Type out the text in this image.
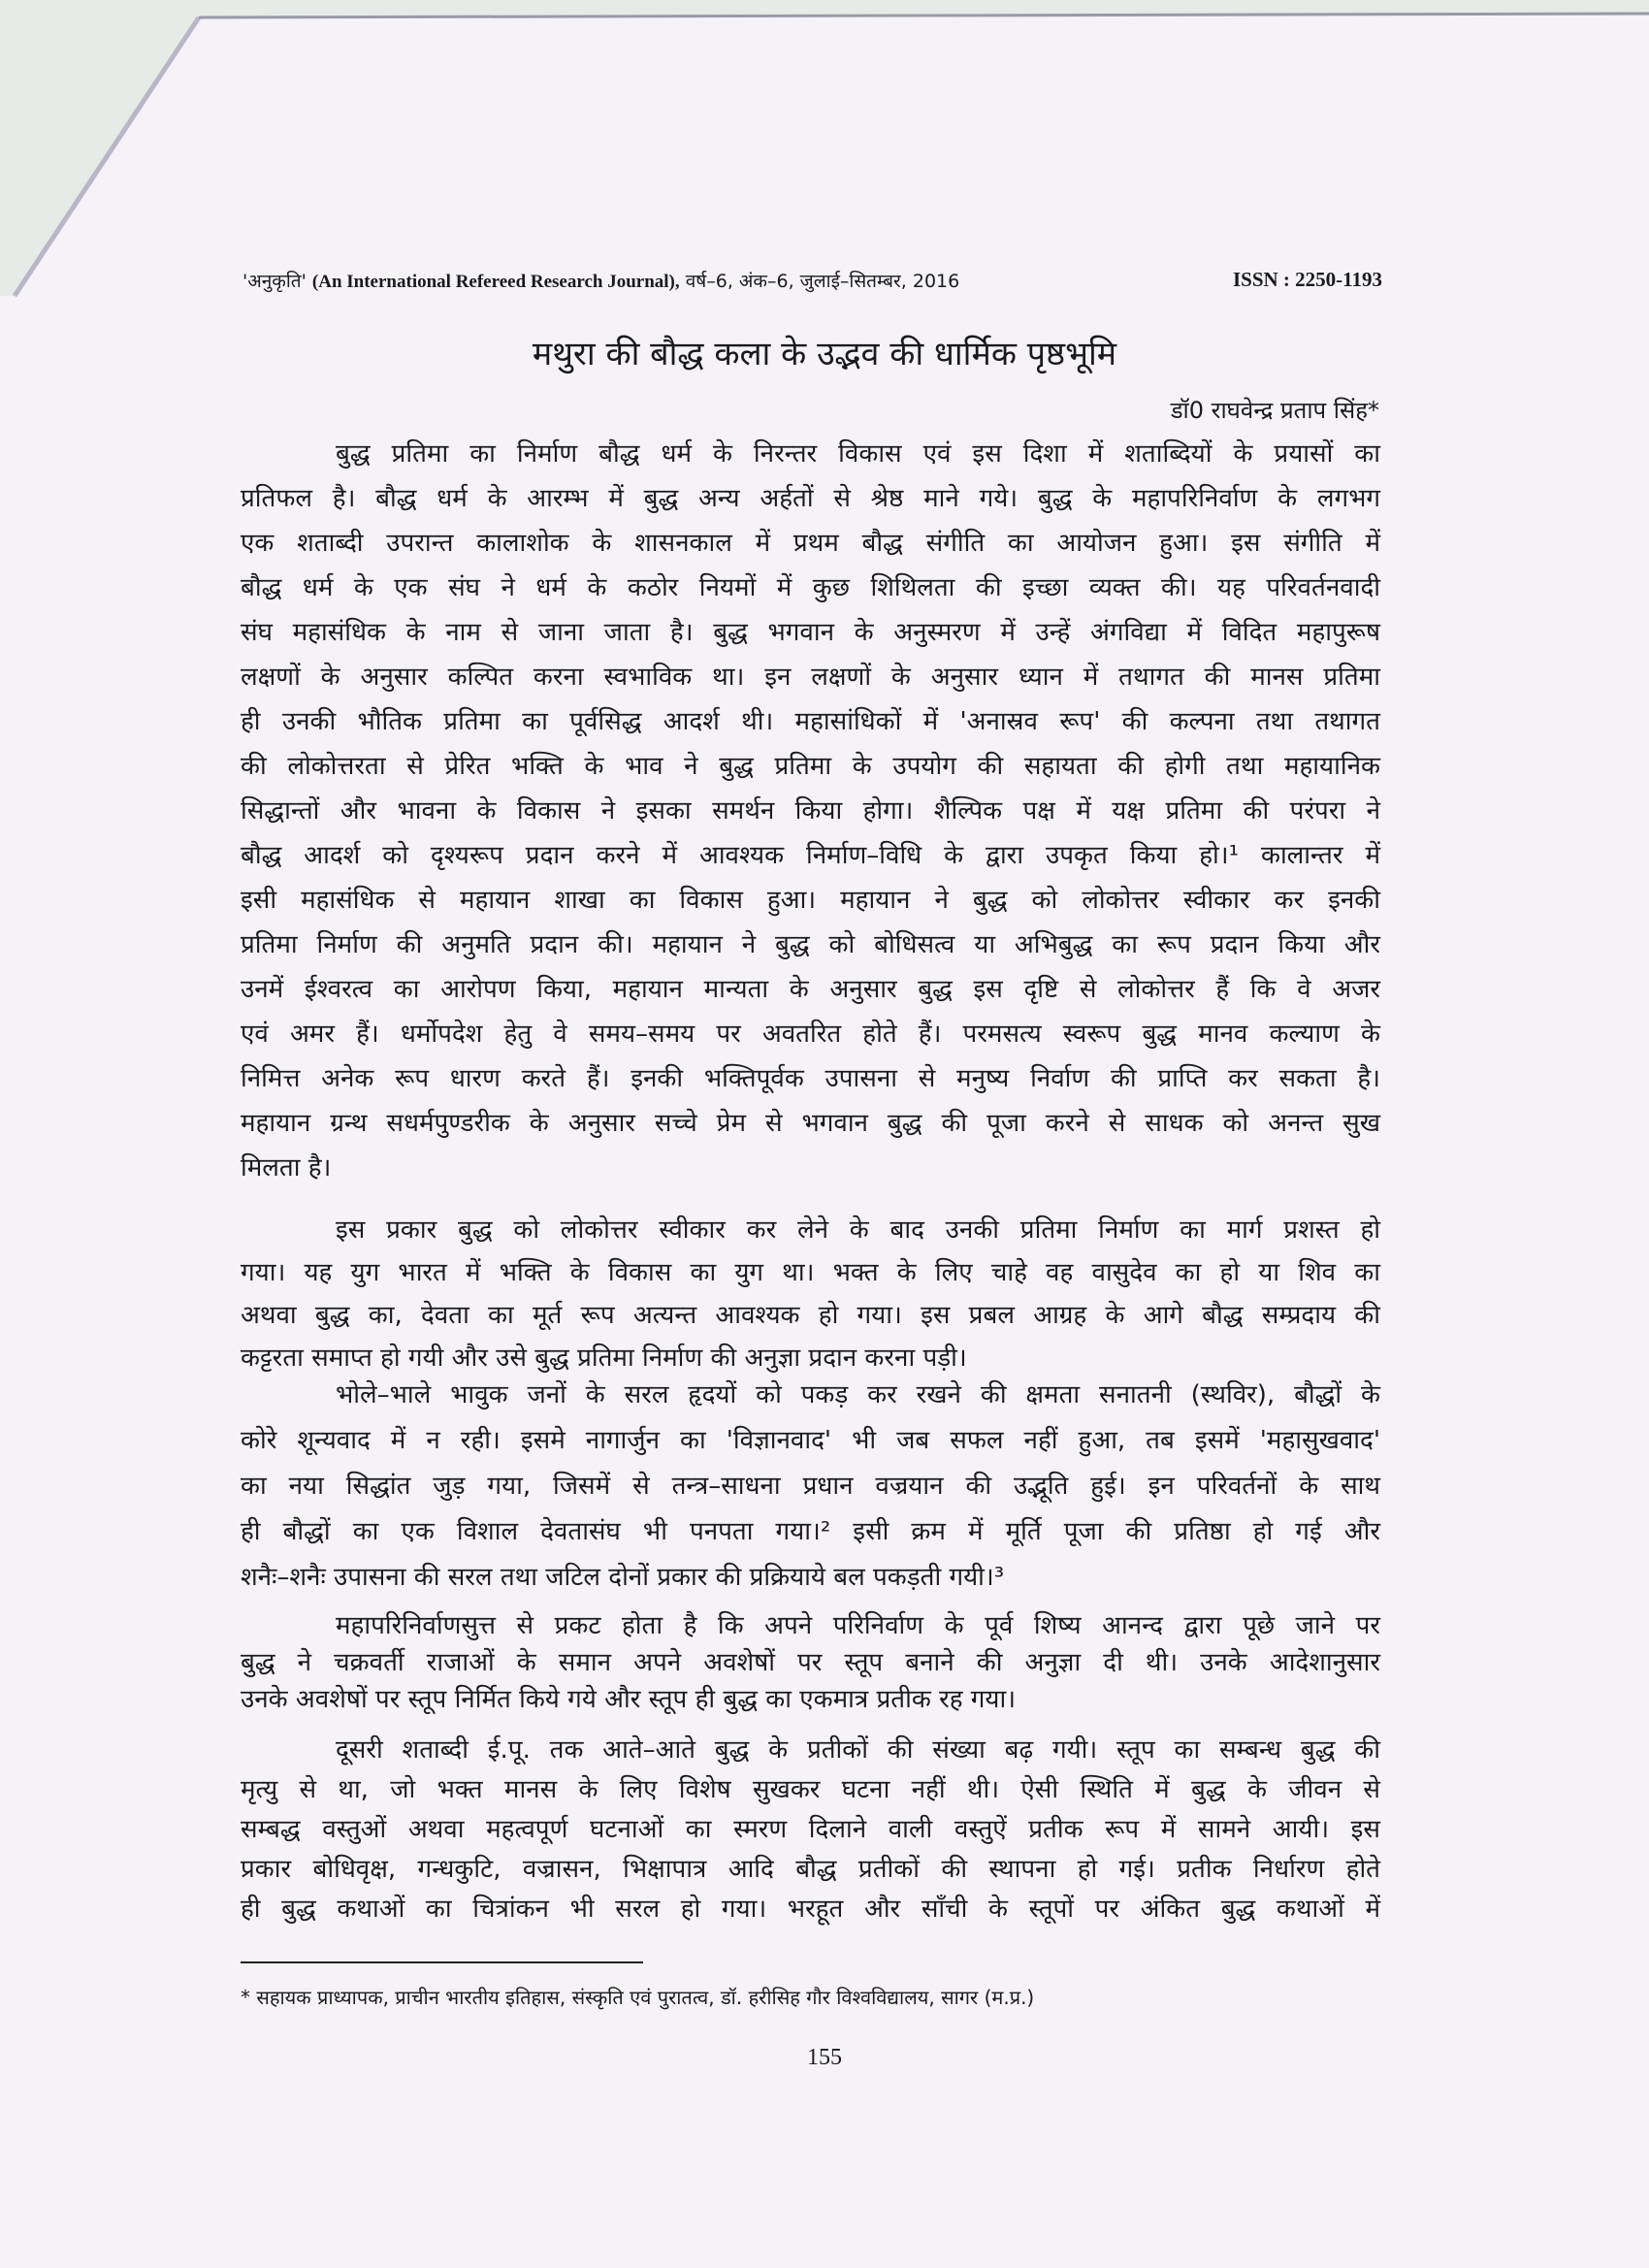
'अनुकृति' (An International Refereed Research Journal), वर्ष–6, अंक–6, जुलाई–सितम्बर, 2016	ISSN : 2250-1193
मथुरा की बौद्ध कला के उद्भव की धार्मिक पृष्ठभूमि
डॉ0 राघवेन्द्र प्रताप सिंह*
बुद्ध प्रतिमा का निर्माण बौद्ध धर्म के निरन्तर विकास एवं इस दिशा में शताब्दियों के प्रयासों का
प्रतिफल है। बौद्ध धर्म के आरम्भ में बुद्ध अन्य अर्हतों से श्रेष्ठ माने गये। बुद्ध के महापरिनिर्वाण के लगभग
एक शताब्दी उपरान्त कालाशोक के शासनकाल में प्रथम बौद्ध संगीति का आयोजन हुआ। इस संगीति में
बौद्ध धर्म के एक संघ ने धर्म के कठोर नियमों में कुछ शिथिलता की इच्छा व्यक्त की। यह परिवर्तनवादी
संघ महासंधिक के नाम से जाना जाता है। बुद्ध भगवान के अनुस्मरण में उन्हें अंगविद्या में विदित महापुरूष
लक्षणों के अनुसार कल्पित करना स्वभाविक था। इन लक्षणों के अनुसार ध्यान में तथागत की मानस प्रतिमा
ही उनकी भौतिक प्रतिमा का पूर्वसिद्ध आदर्श थी। महासांधिकों में 'अनास्रव रूप' की कल्पना तथा तथागत
की लोकोत्तरता से प्रेरित भक्ति के भाव ने बुद्ध प्रतिमा के उपयोग की सहायता की होगी तथा महायानिक
सिद्धान्तों और भावना के विकास ने इसका समर्थन किया होगा। शैल्पिक पक्ष में यक्ष प्रतिमा की परंपरा ने
बौद्ध आदर्श को दृश्यरूप प्रदान करने में आवश्यक निर्माण–विधि के द्वारा उपकृत किया हो।¹ कालान्तर में
इसी महासंधिक से महायान शाखा का विकास हुआ। महायान ने बुद्ध को लोकोत्तर स्वीकार कर इनकी
प्रतिमा निर्माण की अनुमति प्रदान की। महायान ने बुद्ध को बोधिसत्व या अभिबुद्ध का रूप प्रदान किया और
उनमें ईश्वरत्व का आरोपण किया, महायान मान्यता के अनुसार बुद्ध इस दृष्टि से लोकोत्तर हैं कि वे अजर
एवं अमर हैं। धर्मोपदेश हेतु वे समय–समय पर अवतरित होते हैं। परमसत्य स्वरूप बुद्ध मानव कल्याण के
निमित्त अनेक रूप धारण करते हैं। इनकी भक्तिपूर्वक उपासना से मनुष्य निर्वाण की प्राप्ति कर सकता है।
महायान ग्रन्थ सधर्मपुण्डरीक के अनुसार सच्चे प्रेम से भगवान बुद्ध की पूजा करने से साधक को अनन्त सुख
मिलता है।
इस प्रकार बुद्ध को लोकोत्तर स्वीकार कर लेने के बाद उनकी प्रतिमा निर्माण का मार्ग प्रशस्त हो
गया। यह युग भारत में भक्ति के विकास का युग था। भक्त के लिए चाहे वह वासुदेव का हो या शिव का
अथवा बुद्ध का, देवता का मूर्त रूप अत्यन्त आवश्यक हो गया। इस प्रबल आग्रह के आगे बौद्ध सम्प्रदाय की
कट्टरता समाप्त हो गयी और उसे बुद्ध प्रतिमा निर्माण की अनुज्ञा प्रदान करना पड़ी।
भोले–भाले भावुक जनों के सरल हृदयों को पकड़ कर रखने की क्षमता सनातनी (स्थविर), बौद्धों के
कोरे शून्यवाद में न रही। इसमे नागार्जुन का 'विज्ञानवाद' भी जब सफल नहीं हुआ, तब इसमें 'महासुखवाद'
का नया सिद्धांत जुड़ गया, जिसमें से तन्त्र–साधना प्रधान वज्रयान की उद्भूति हुई। इन परिवर्तनों के साथ
ही बौद्धों का एक विशाल देवतासंघ भी पनपता गया।² इसी क्रम में मूर्ति पूजा की प्रतिष्ठा हो गई और
शनैः–शनैः उपासना की सरल तथा जटिल दोनों प्रकार की प्रक्रियाये बल पकड़ती गयी।³
महापरिनिर्वाणसुत्त से प्रकट होता है कि अपने परिनिर्वाण के पूर्व शिष्य आनन्द द्वारा पूछे जाने पर
बुद्ध ने चक्रवर्ती राजाओं के समान अपने अवशेषों पर स्तूप बनाने की अनुज्ञा दी थी। उनके आदेशानुसार
उनके अवशेषों पर स्तूप निर्मित किये गये और स्तूप ही बुद्ध का एकमात्र प्रतीक रह गया।
दूसरी शताब्दी ई.पू. तक आते–आते बुद्ध के प्रतीकों की संख्या बढ़ गयी। स्तूप का सम्बन्ध बुद्ध की
मृत्यु से था, जो भक्त मानस के लिए विशेष सुखकर घटना नहीं थी। ऐसी स्थिति में बुद्ध के जीवन से
सम्बद्ध वस्तुओं अथवा महत्वपूर्ण घटनाओं का स्मरण दिलाने वाली वस्तुऐं प्रतीक रूप में सामने आयी। इस
प्रकार बोधिवृक्ष, गन्धकुटि, वज्रासन, भिक्षापात्र आदि बौद्ध प्रतीकों की स्थापना हो गई। प्रतीक निर्धारण होते
ही बुद्ध कथाओं का चित्रांकन भी सरल हो गया। भरहूत और साँची के स्तूपों पर अंकित बुद्ध कथाओं में
* सहायक प्राध्यापक, प्राचीन भारतीय इतिहास, संस्कृति एवं पुरातत्व, डॉ. हरीसिह गौर विश्वविद्यालय, सागर (म.प्र.)
155
